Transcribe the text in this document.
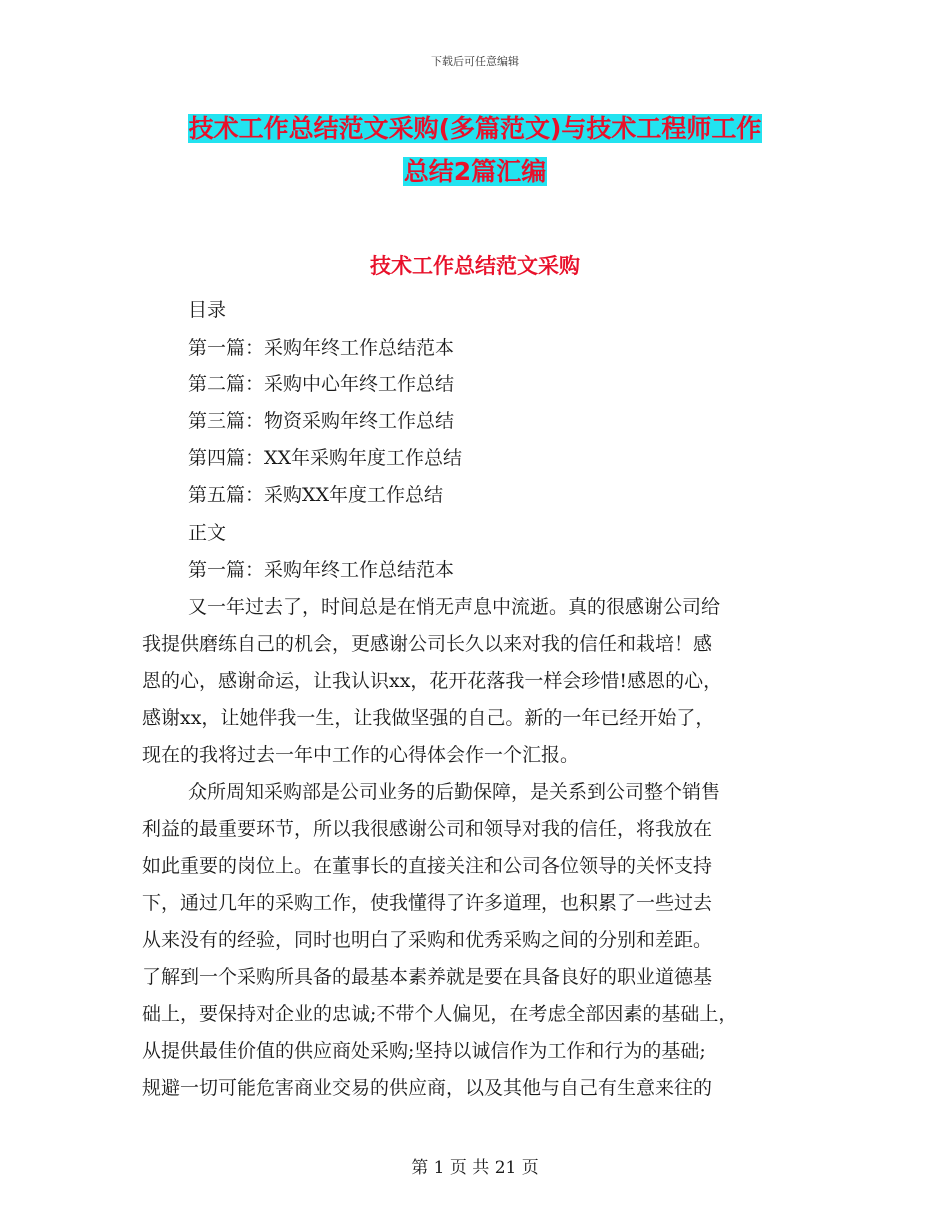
下载后可任意编辑
技术工作总结范文采购(多篇范文)与技术工程师工作
总结2篇汇编
技术工作总结范文采购
目录
第一篇：采购年终工作总结范本
第二篇：采购中心年终工作总结
第三篇：物资采购年终工作总结
第四篇：XX年采购年度工作总结
第五篇：采购XX年度工作总结
正文
第一篇：采购年终工作总结范本
又一年过去了，时间总是在悄无声息中流逝。真的很感谢公司给
我提供磨练自己的机会，更感谢公司长久以来对我的信任和栽培！感
恩的心，感谢命运，让我认识xx，花开花落我一样会珍惜!感恩的心，
感谢xx，让她伴我一生，让我做坚强的自己。新的一年已经开始了，
现在的我将过去一年中工作的心得体会作一个汇报。
众所周知采购部是公司业务的后勤保障，是关系到公司整个销售
利益的最重要环节，所以我很感谢公司和领导对我的信任，将我放在
如此重要的岗位上。在董事长的直接关注和公司各位领导的关怀支持
下，通过几年的采购工作，使我懂得了许多道理，也积累了一些过去
从来没有的经验，同时也明白了采购和优秀采购之间的分别和差距。
了解到一个采购所具备的最基本素养就是要在具备良好的职业道德基
础上，要保持对企业的忠诚;不带个人偏见，在考虑全部因素的基础上，
从提供最佳价值的供应商处采购;坚持以诚信作为工作和行为的基础;
规避一切可能危害商业交易的供应商，以及其他与自己有生意来往的
第 1 页 共 21 页
